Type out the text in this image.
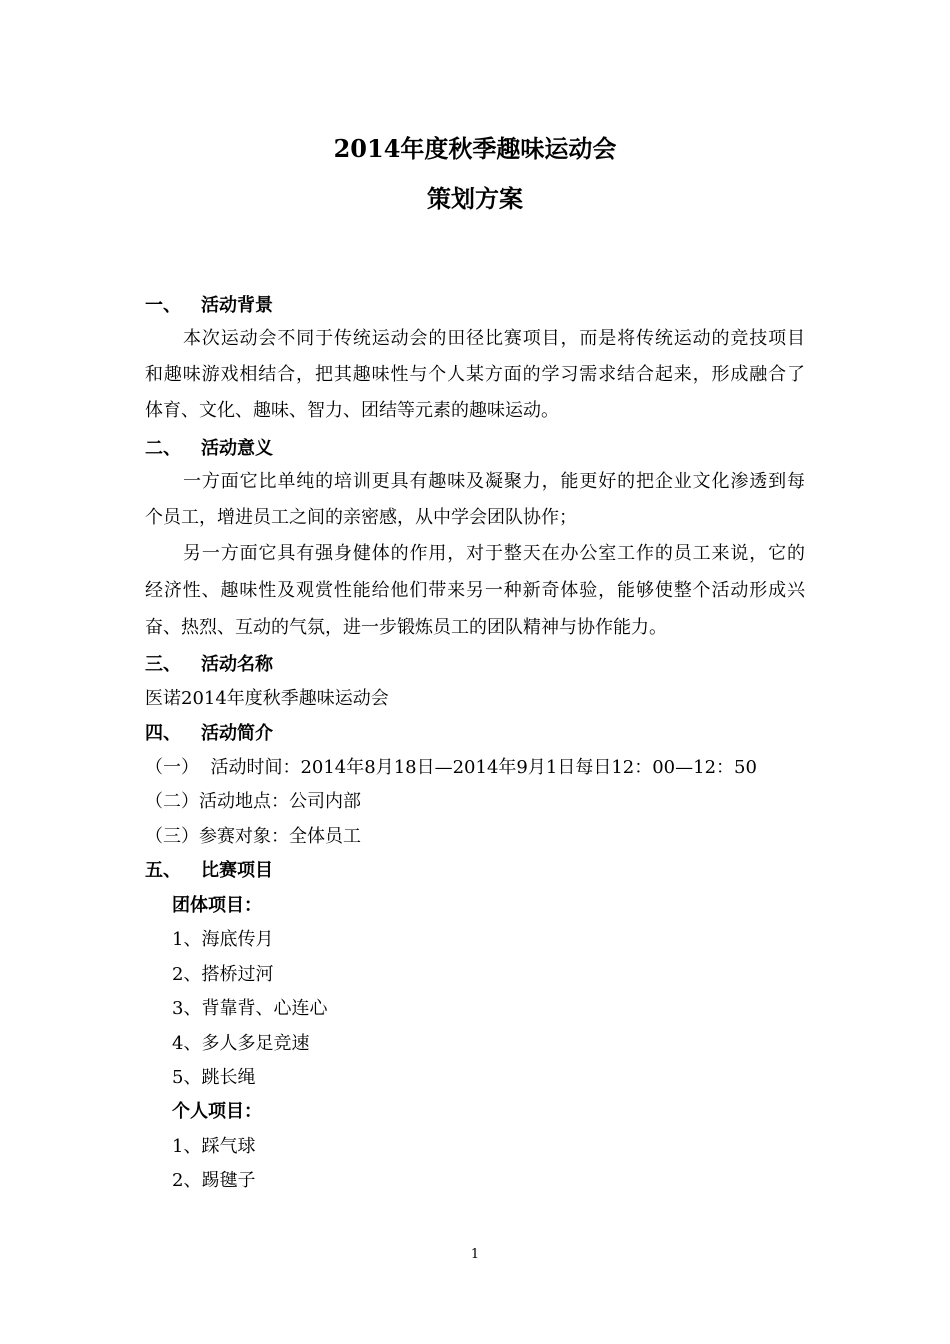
2014年度秋季趣味运动会
策划方案
一、 活动背景
本次运动会不同于传统运动会的田径比赛项目，而是将传统运动的竞技项目
和趣味游戏相结合，把其趣味性与个人某方面的学习需求结合起来，形成融合了
体育、文化、趣味、智力、团结等元素的趣味运动。
二、 活动意义
一方面它比单纯的培训更具有趣味及凝聚力，能更好的把企业文化渗透到每
个员工，增进员工之间的亲密感，从中学会团队协作；
另一方面它具有强身健体的作用，对于整天在办公室工作的员工来说，它的
经济性、趣味性及观赏性能给他们带来另一种新奇体验，能够使整个活动形成兴
奋、热烈、互动的气氛，进一步锻炼员工的团队精神与协作能力。
三、 活动名称
医诺2014年度秋季趣味运动会
四、 活动简介
（一）  活动时间：2014年8月18日—2014年9月1日每日12：00—12：50
（二）活动地点：公司内部
（三）参赛对象：全体员工
五、 比赛项目
团体项目：
1、海底传月
2、搭桥过河
3、背靠背、心连心
4、多人多足竞速
5、跳长绳
个人项目：
1、踩气球
2、踢毽子
1
